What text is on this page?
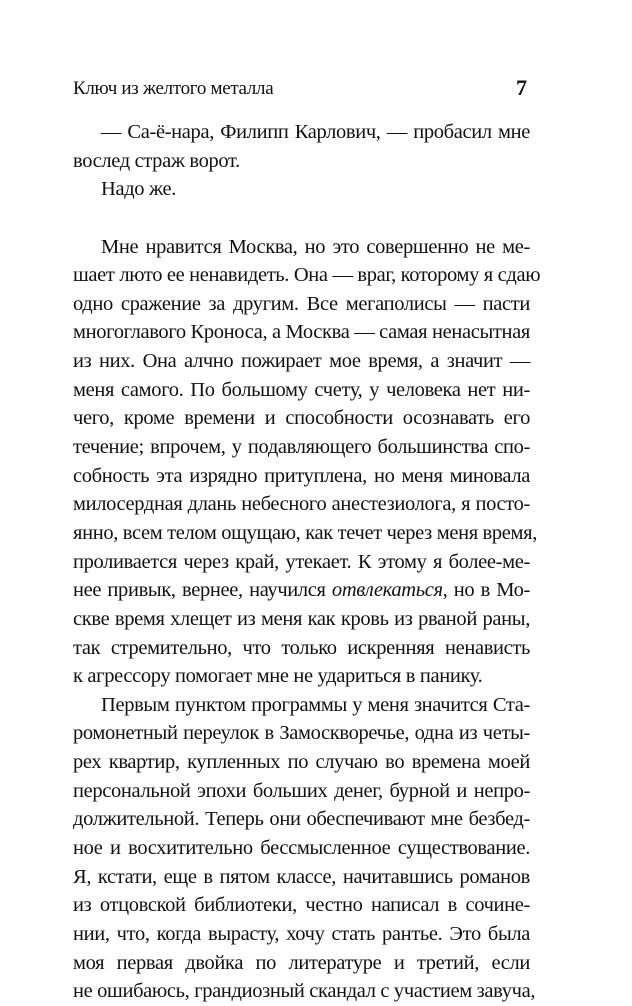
Ключ из желтого металла	7
— Са-ё-нара, Филипп Карлович, — пробасил мне
вослед страж ворот.
Надо же.
Мне нравится Москва, но это совершенно не ме-
шает люто ее ненавидеть. Она — враг, которому я сдаю
одно сражение за другим. Все мегаполисы — пасти
многоглавого Кроноса, а Москва — самая ненасытная
из них. Она алчно пожирает мое время, а значит —
меня самого. По большому счету, у человека нет ни-
чего, кроме времени и способности осознавать его
течение; впрочем, у подавляющего большинства спо-
собность эта изрядно притуплена, но меня миновала
милосердная длань небесного анестезиолога, я посто-
янно, всем телом ощущаю, как течет через меня время,
проливается через край, утекает. К этому я более-ме-
нее привык, вернее, научился отвлекаться, но в Мо-
скве время хлещет из меня как кровь из рваной раны,
так стремительно, что только искренняя ненависть
к агрессору помогает мне не удариться в панику.
Первым пунктом программы у меня значится Ста-
ромонетный переулок в Замоскворечье, одна из четы-
рех квартир, купленных по случаю во времена моей
персональной эпохи больших денег, бурной и непро-
должительной. Теперь они обеспечивают мне безбед-
ное и восхитительно бессмысленное существование.
Я, кстати, еще в пятом классе, начитавшись романов
из отцовской библиотеки, честно написал в сочине-
нии, что, когда вырасту, хочу стать рантье. Это была
моя первая двойка по литературе и третий, если
не ошибаюсь, грандиозный скандал с участием завуча,
